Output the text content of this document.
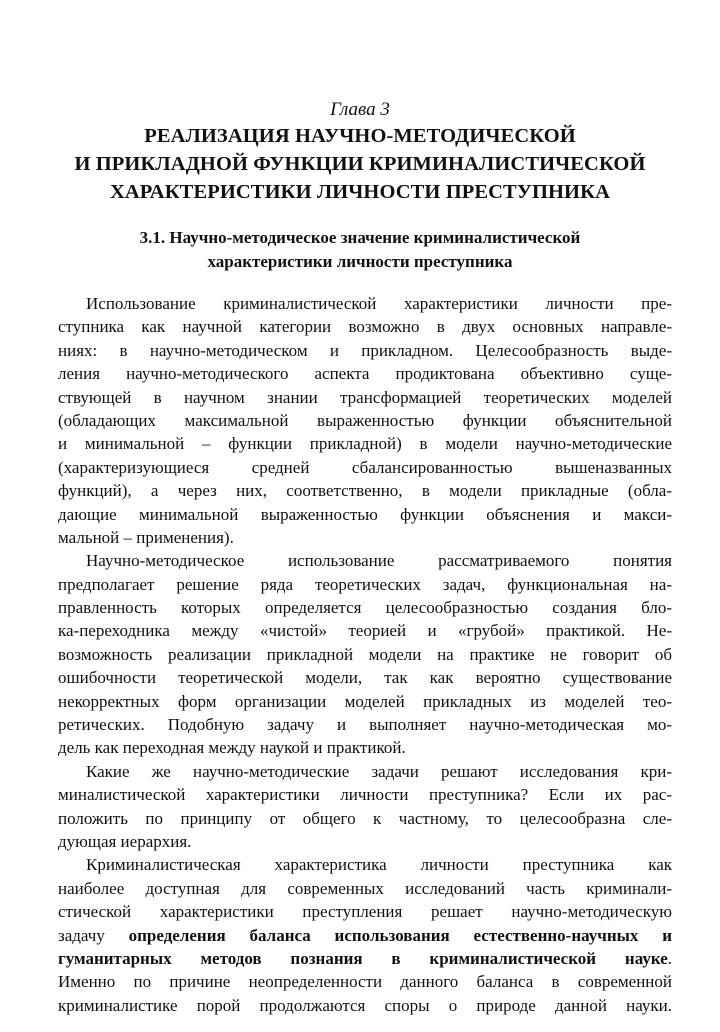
Глава 3
РЕАЛИЗАЦИЯ НАУЧНО-МЕТОДИЧЕСКОЙ
И ПРИКЛАДНОЙ ФУНКЦИИ КРИМИНАЛИСТИЧЕСКОЙ
ХАРАКТЕРИСТИКИ ЛИЧНОСТИ ПРЕСТУПНИКА
3.1. Научно-методическое значение криминалистической
характеристики личности преступника
Использование криминалистической характеристики личности пре-
ступника как научной категории возможно в двух основных направле-
ниях: в научно-методическом и прикладном. Целесообразность выде-
ления научно-методического аспекта продиктована объективно суще-
ствующей в научном знании трансформацией теоретических моделей
(обладающих максимальной выраженностью функции объяснительной
и минимальной – функции прикладной) в модели научно-методические
(характеризующиеся средней сбалансированностью вышеназванных
функций), а через них, соответственно, в модели прикладные (обла-
дающие минимальной выраженностью функции объяснения и макси-
мальной – применения).
Научно-методическое использование рассматриваемого понятия
предполагает решение ряда теоретических задач, функциональная на-
правленность которых определяется целесообразностью создания бло-
ка-переходника между «чистой» теорией и «грубой» практикой. Не-
возможность реализации прикладной модели на практике не говорит об
ошибочности теоретической модели, так как вероятно существование
некорректных форм организации моделей прикладных из моделей тео-
ретических. Подобную задачу и выполняет научно-методическая мо-
дель как переходная между наукой и практикой.
Какие же научно-методические задачи решают исследования кри-
миналистической характеристики личности преступника? Если их рас-
положить по принципу от общего к частному, то целесообразна сле-
дующая иерархия.
Криминалистическая характеристика личности преступника как
наиболее доступная для современных исследований часть криминали-
стической характеристики преступления решает научно-методическую
задачу определения баланса использования естественно-научных и
гуманитарных методов познания в криминалистической науке.
Именно по причине неопределенности данного баланса в современной
криминалистике порой продолжаются споры о природе данной науки.
